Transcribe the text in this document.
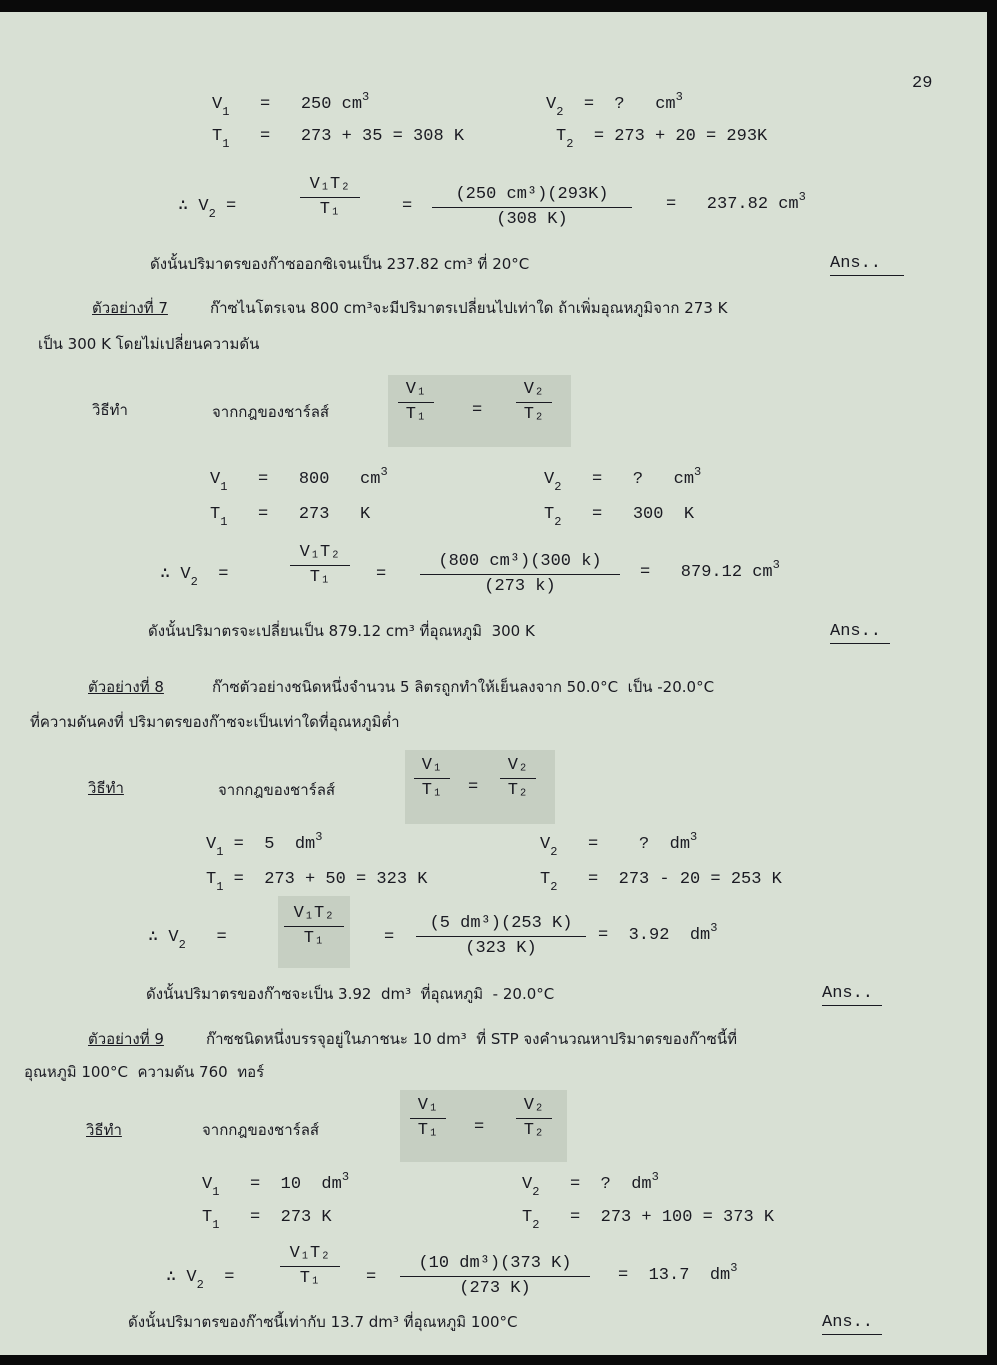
29
$V_1 = 250$ $cm^3$	$V_2$ =  ?   $cm^3$
$T_1 = 273 + 35 = 308$ K	$T_2 = 273 + 20 = 293K$
∴ $V_2$ =
V₁T₂
T₁	=
(250 cm³)(293K)
(308 K)
=   237.82 $cm^3$
ดังนั้นปริมาตรของก๊าซออกซิเจนเป็น 237.82 cm³ ที่ 20°C	Ans..
ตัวอย่างที่ 7	ก๊าซไนโตรเจน 800 cm³จะมีปริมาตรเปลี่ยนไปเท่าใด ถ้าเพิ่มอุณหภูมิจาก 273 K
เป็น 300 K โดยไม่เปลี่ยนความดัน
วิธีทำ	จากกฎของชาร์ลส์
V₁
T₁	=
V₂
T₂
$V_1 = 800$   $cm^3$	$V_2$ =   ?   $cm^3$
$T_1 = 273$   K	$T_2 = 300$  K
∴ $V_2$ =
V₁T₂
T₁	=
(800 cm³)(300 k)
(273 k)
=   879.12 $cm^3$
ดังนั้นปริมาตรจะเปลี่ยนเป็น 879.12 cm³ ที่อุณหภูมิ  300 K	Ans..
ตัวอย่างที่ 8	ก๊าซตัวอย่างชนิดหนึ่งจำนวน 5 ลิตรถูกทำให้เย็นลงจาก 50.0°C  เป็น -20.0°C
ที่ความดันคงที่ ปริมาตรของก๊าซจะเป็นเท่าใดที่อุณหภูมิต่ำ
วิธีทำ	จากกฎของชาร์ลส์
V₁
T₁	=
V₂
T₂
$V_1 = 5$  $dm^3$	$V_2$ =    ?  $dm^3$
$T_1 = 273 + 50 = 323$ K	$T_2 = 273 - 20 = 253$ K
∴ $V_2$ =
V₁T₂
T₁	=
(5 dm³)(253 K)
(323 K)
=  3.92  $dm^3$
ดังนั้นปริมาตรของก๊าซจะเป็น 3.92  dm³  ที่อุณหภูมิ  - 20.0°C	Ans..
ตัวอย่างที่ 9	ก๊าซชนิดหนึ่งบรรจุอยู่ในภาชนะ 10 dm³  ที่ STP จงคำนวณหาปริมาตรของก๊าซนี้ที่
อุณหภูมิ 100°C  ความดัน 760  ทอร์
วิธีทำ	จากกฎของชาร์ลส์
V₁
T₁	=
V₂
T₂
$V_1 = 10$  $dm^3$	$V_2$ =  ?  $dm^3$
$T_1 = 273$ K	$T_2 = 273 + 100 = 373$ K
∴ $V_2$ =
V₁T₂
T₁	=
(10 dm³)(373 K)
(273 K)
=  13.7  $dm^3$
ดังนั้นปริมาตรของก๊าซนี้เท่ากับ 13.7 dm³ ที่อุณหภูมิ 100°C	Ans..
